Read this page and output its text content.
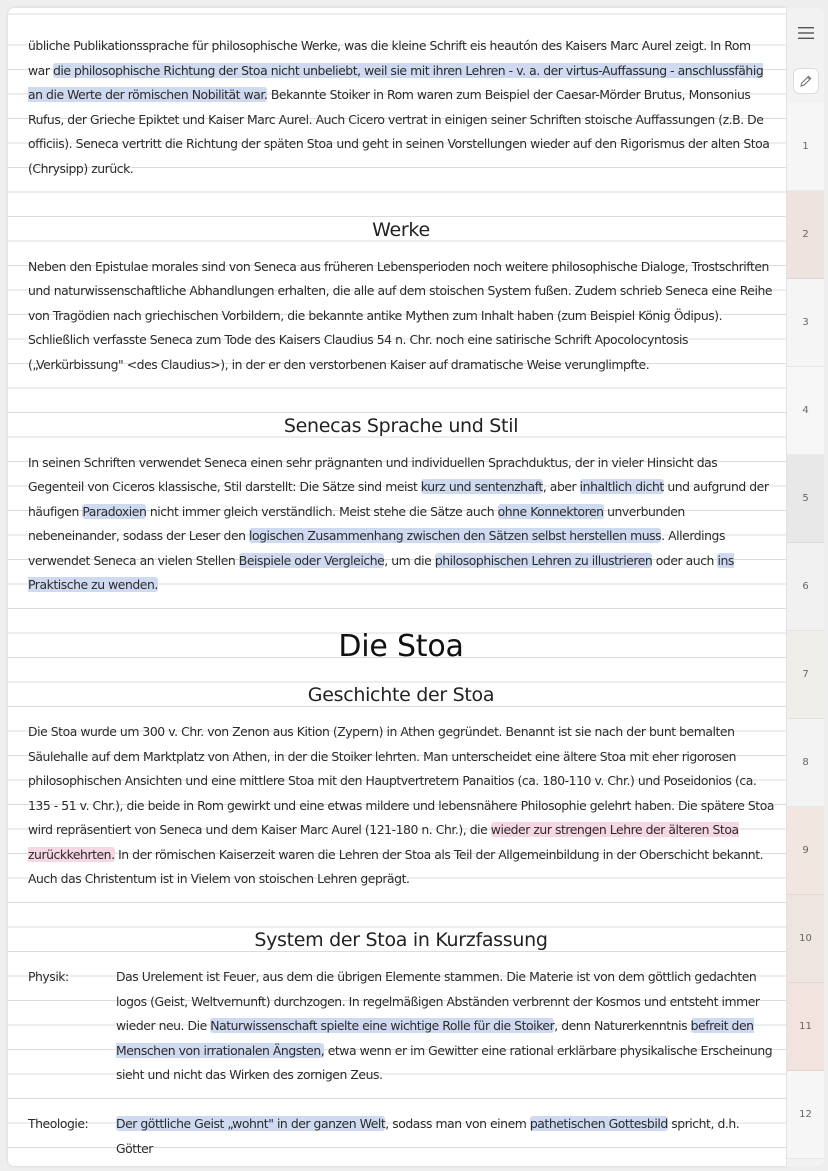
übliche Publikationssprache für philosophische Werke, was die kleine Schrift eis heautón des Kaisers Marc Aurel zeigt. In Rom war die philosophische Richtung der Stoa nicht unbeliebt, weil sie mit ihren Lehren - v. a. der virtus-Auffassung - anschlussfähig an die Werte der römischen Nobilität war. Bekannte Stoiker in Rom waren zum Beispiel der Caesar-Mörder Brutus, Monsonius Rufus, der Grieche Epiktet und Kaiser Marc Aurel. Auch Cicero vertrat in einigen seiner Schriften stoische Auffassungen (z.B. De officiis). Seneca vertritt die Richtung der späten Stoa und geht in seinen Vorstellungen wieder auf den Rigorismus der alten Stoa (Chrysipp) zurück.
Werke
Neben den Epistulae morales sind von Seneca aus früheren Lebensperioden noch weitere philosophische Dialoge, Trostschriften und naturwissenschaftliche Abhandlungen erhalten, die alle auf dem stoischen System fußen. Zudem schrieb Seneca eine Reihe von Tragödien nach griechischen Vorbildern, die bekannte antike Mythen zum Inhalt haben (zum Beispiel König Ödipus). Schließlich verfasste Seneca zum Tode des Kaisers Claudius 54 n. Chr. noch eine satirische Schrift Apocolocyntosis („Verkürbissung" <des Claudius>), in der er den verstorbenen Kaiser auf dramatische Weise verunglimpfte.
Senecas Sprache und Stil
In seinen Schriften verwendet Seneca einen sehr prägnanten und individuellen Sprachduktus, der in vieler Hinsicht das Gegenteil von Ciceros klassische, Stil darstellt: Die Sätze sind meist kurz und sentenzhaft, aber inhaltlich dicht und aufgrund der häufigen Paradoxien nicht immer gleich verständlich. Meist stehe die Sätze auch ohne Konnektoren unverbunden nebeneinander, sodass der Leser den logischen Zusammenhang zwischen den Sätzen selbst herstellen muss. Allerdings verwendet Seneca an vielen Stellen Beispiele oder Vergleiche, um die philosophischen Lehren zu illustrieren oder auch ins Praktische zu wenden.
Die Stoa
Geschichte der Stoa
Die Stoa wurde um 300 v. Chr. von Zenon aus Kition (Zypern) in Athen gegründet. Benannt ist sie nach der bunt bemalten Säulehalle auf dem Marktplatz von Athen, in der die Stoiker lehrten. Man unterscheidet eine ältere Stoa mit eher rigorosen philosophischen Ansichten und eine mittlere Stoa mit den Hauptvertretern Panaitios (ca. 180-110 v. Chr.) und Poseidonios (ca. 135 - 51 v. Chr.), die beide in Rom gewirkt und eine etwas mildere und lebensnähere Philosophie gelehrt haben. Die spätere Stoa wird repräsentiert von Seneca und dem Kaiser Marc Aurel (121-180 n. Chr.), die wieder zur strengen Lehre der älteren Stoa zurückkehrten. In der römischen Kaiserzeit waren die Lehren der Stoa als Teil der Allgemeinbildung in der Oberschicht bekannt. Auch das Christentum ist in Vielem von stoischen Lehren geprägt.
System der Stoa in Kurzfassung
Physik:	Das Urelement ist Feuer, aus dem die übrigen Elemente stammen. Die Materie ist von dem göttlich gedachten logos (Geist, Weltvernunft) durchzogen. In regelmäßigen Abständen verbrennt der Kosmos und entsteht immer wieder neu. Die Naturwissenschaft spielte eine wichtige Rolle für die Stoiker, denn Naturerkenntnis befreit den Menschen von irrationalen Ängsten, etwa wenn er im Gewitter eine rational erklärbare physikalische Erscheinung sieht und nicht das Wirken des zornigen Zeus.
Theologie:	Der göttliche Geist „wohnt" in der ganzen Welt, sodass man von einem pathetischen Gottesbild spricht, d.h. Götter
1
2
3
4
5
6
7
8
9
10
11
12
